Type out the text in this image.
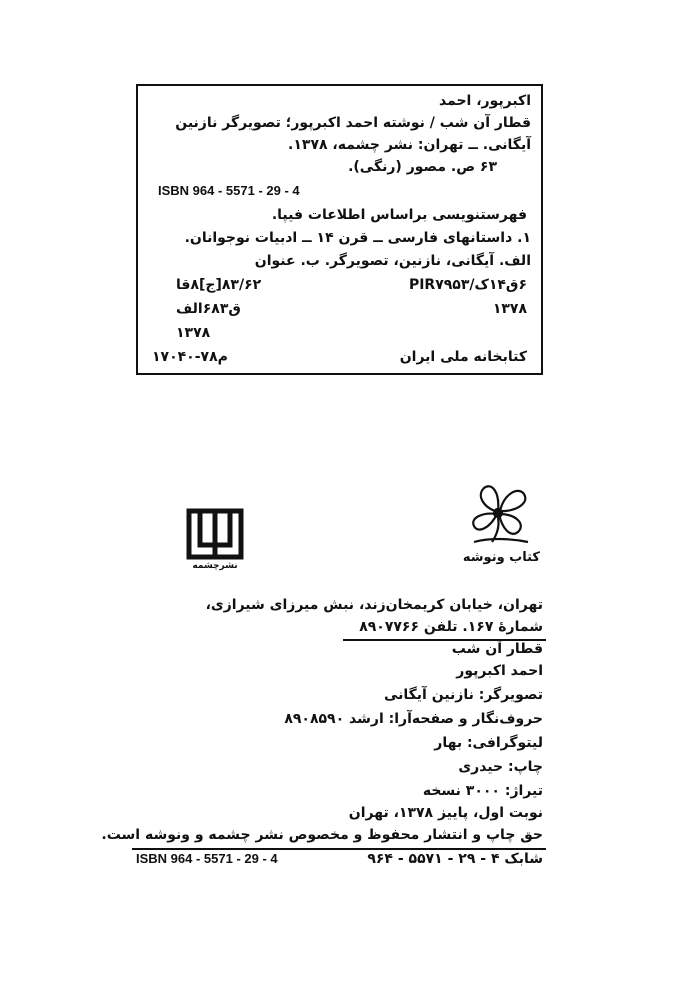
اکبرپور، احمد
قطار آن شب / نوشته احمد اکبرپور؛ تصویرگر نازنین
آیگانی. ــ تهران: نشر چشمه، ۱۳۷۸.
۶۳ ص. مصور (رنگی).
ISBN 964 - 5571 - 29 - 4
فهرستنویسی براساس اطلاعات فیپا.
۱. داستانهای فارسی ــ قرن ۱۴ ــ ادبیات نوجوانان.
الف. آیگانی، نازنین، تصویرگر. ب. عنوان
۶ق۱۴ک/PIR۷۹۵۳
۸۳/۶۲[ج]۸قا
۱۳۷۸
ق۶۸۳الف
۱۳۷۸
کتابخانه ملی ایران
م۷۸-۱۷۰۴۰
کتاب ونوشه
نشرچشمه
تهران، خیابان کریمخان‌زند، نبش میرزای شیرازی،
شمارهٔ ۱۶۷. تلفن ۸۹۰۷۷۶۶
قطار آن شب
احمد اکبرپور
تصویرگر: نازنین آیگانی
حروف‌نگار و صفحه‌آرا: ارشد ۸۹۰۸۵۹۰
لیتوگرافی: بهار
چاپ: حیدری
تیراژ: ۳۰۰۰ نسخه
نوبت اول، پاییز ۱۳۷۸، تهران
حق چاپ و انتشار محفوظ و مخصوص نشر چشمه و ونوشه است.
شابک ۴ - ۲۹ - ۵۵۷۱ - ۹۶۴
ISBN 964 - 5571 - 29 - 4
